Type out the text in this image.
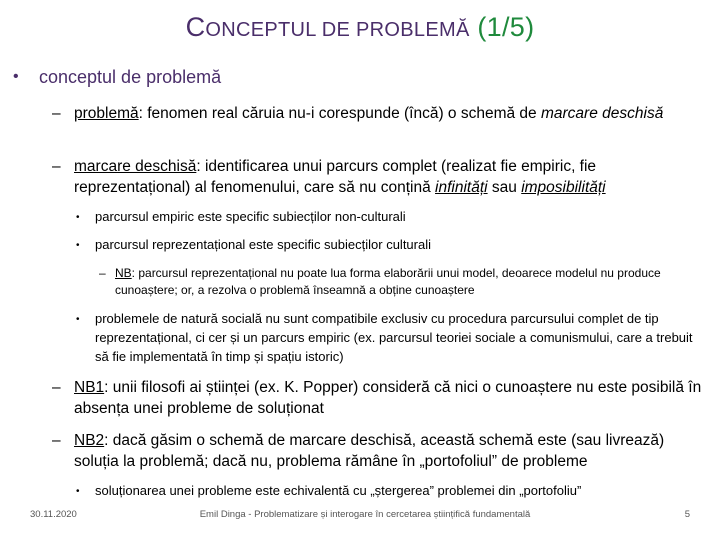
CONCEPTUL DE PROBLEMĂ (1/5)
•	conceptul de problemă
– problemă: fenomen real căruia nu-i corespunde (încă) o schemă de marcare deschisă
– marcare deschisă: identificarea unui parcurs complet (realizat fie empiric, fie reprezentațional) al fenomenului, care să nu conțină infinități sau imposibilități
•	parcursul empiric este specific subiecților non-culturali
•	parcursul reprezentațional este specific subiecților culturali
– NB: parcursul reprezentațional nu poate lua forma elaborării unui model, deoarece modelul nu produce cunoaștere; or, a rezolva o problemă înseamnă a obține cunoaștere
•	problemele de natură socială nu sunt compatibile exclusiv cu procedura parcursului complet de tip reprezentațional, ci cer și un parcurs empiric (ex. parcursul teoriei sociale a comunismului, care a trebuit să fie implementată în timp și spațiu istoric)
– NB1: unii filosofi ai științei (ex. K. Popper) consideră că nici o cunoaștere nu este posibilă în absența unei probleme de soluționat
– NB2: dacă găsim o schemă de marcare deschisă, această schemă este (sau livrează) soluția la problemă; dacă nu, problema rămâne în „portofoliul” de probleme
•	soluționarea unei probleme este echivalentă cu „ștergerea” problemei din „portofoliu”
30.11.2020	Emil Dinga - Problematizare și interogare în cercetarea științifică fundamentală	5
